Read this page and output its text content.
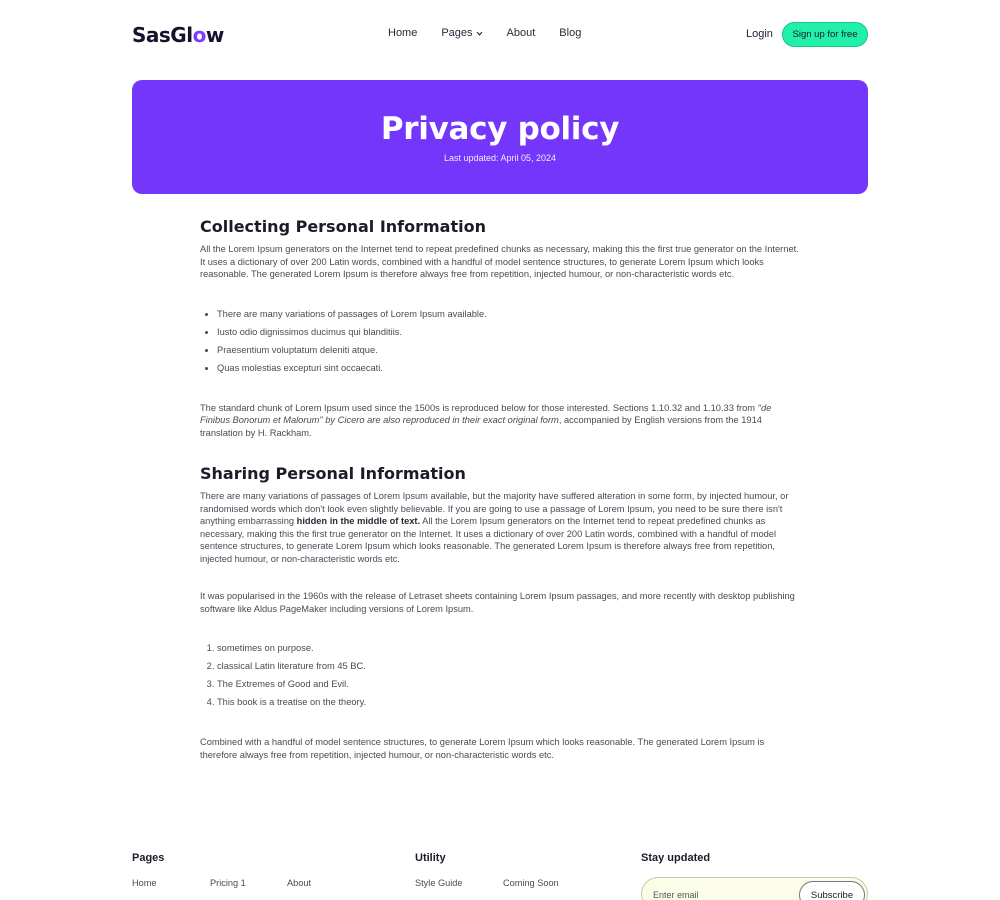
SasGlow	Home Pages	About Blog	Login	Sign up for free
Privacy policy
Last updated: April 05, 2024
Collecting Personal Information

All the Lorem Ipsum generators on the Internet tend to repeat predefined chunks as necessary, making this the first true generator on the Internet. It uses a dictionary of over 200 Latin words, combined with a handful of model sentence structures, to generate Lorem Ipsum which looks reasonable. The generated Lorem Ipsum is therefore always free from repetition, injected humour, or non-characteristic words etc.

• There are many variations of passages of Lorem Ipsum available.
• Iusto odio dignissimos ducimus qui blanditiis.
• Praesentium voluptatum deleniti atque.
• Quas molestias excepturi sint occaecati.

The standard chunk of Lorem Ipsum used since the 1500s is reproduced below for those interested. Sections 1.10.32 and 1.10.33 from "de Finibus Bonorum et Malorum" by Cicero are also reproduced in their exact original form, accompanied by English versions from the 1914 translation by H. Rackham.

Sharing Personal Information

There are many variations of passages of Lorem Ipsum available, but the majority have suffered alteration in some form, by injected humour, or randomised words which don't look even slightly believable. If you are going to use a passage of Lorem Ipsum, you need to be sure there isn't anything embarrassing hidden in the middle of text. All the Lorem Ipsum generators on the Internet tend to repeat predefined chunks as necessary, making this the first true generator on the Internet. It uses a dictionary of over 200 Latin words, combined with a handful of model sentence structures, to generate Lorem Ipsum which looks reasonable. The generated Lorem Ipsum is therefore always free from repetition, injected humour, or non-characteristic words etc.

It was popularised in the 1960s with the release of Letraset sheets containing Lorem Ipsum passages, and more recently with desktop publishing software like Aldus PageMaker including versions of Lorem Ipsum.

1. sometimes on purpose.
2. classical Latin literature from 45 BC.
3. The Extremes of Good and Evil.
4. This book is a treatise on the theory.

Combined with a handful of model sentence structures, to generate Lorem Ipsum which looks reasonable. The generated Lorem Ipsum is therefore always free from repetition, injected humour, or non-characteristic words etc.

Pages
Home	Pricing 1	About
Utility
Style Guide	Coming Soon
Stay updated
Enter email	Subscribe
